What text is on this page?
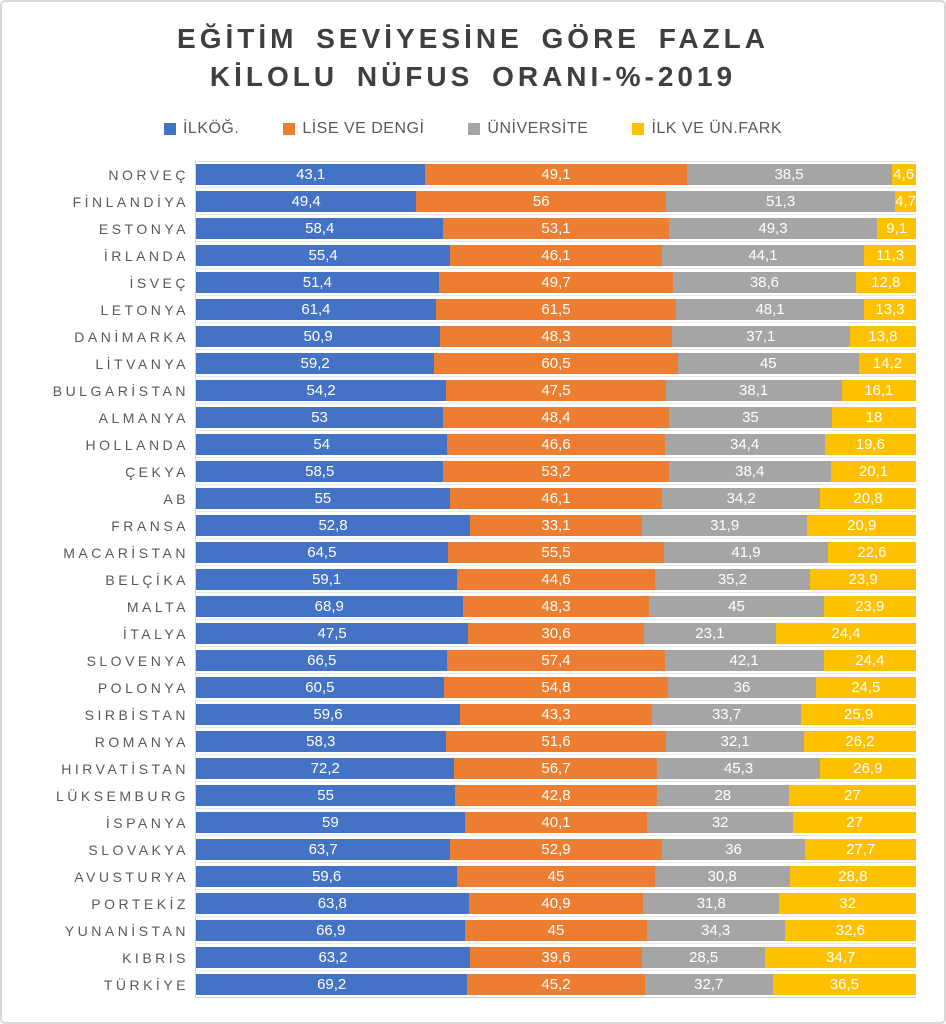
EĞİTİM SEVİYESİNE GÖRE FAZLA
KİLOLU NÜFUS ORANI-%-2019
İLKÖĞ.	LİSE VE DENGİ	ÜNİVERSİTE	İLK VE ÜN.FARK
NORVEÇ	43,1	49,1	38,5	4,6
FİNLANDİYA	49,4	56	51,3	4,7
ESTONYA	58,4	53,1	49,3	9,1
İRLANDA	55,4	46,1	44,1	11,3
İSVEÇ	51,4	49,7	38,6	12,8
LETONYA	61,4	61,5	48,1	13,3
DANİMARKA	50,9	48,3	37,1	13,8
LİTVANYA	59,2	60,5	45	14,2
BULGARİSTAN	54,2	47,5	38,1	16,1
ALMANYA	53	48,4	35	18
HOLLANDA	54	46,6	34,4	19,6
ÇEKYA	58,5	53,2	38,4	20,1
AB	55	46,1	34,2	20,8
FRANSA	52,8	33,1	31,9	20,9
MACARİSTAN	64,5	55,5	41,9	22,6
BELÇİKA	59,1	44,6	35,2	23,9
MALTA	68,9	48,3	45	23,9
İTALYA	47,5	30,6	23,1	24,4
SLOVENYA	66,5	57,4	42,1	24,4
POLONYA	60,5	54,8	36	24,5
SIRBİSTAN	59,6	43,3	33,7	25,9
ROMANYA	58,3	51,6	32,1	26,2
HIRVATİSTAN	72,2	56,7	45,3	26,9
LÜKSEMBURG	55	42,8	28	27
İSPANYA	59	40,1	32	27
SLOVAKYA	63,7	52,9	36	27,7
AVUSTURYA	59,6	45	30,8	28,8
PORTEKİZ	63,8	40,9	31,8	32
YUNANİSTAN	66,9	45	34,3	32,6
KIBRIS	63,2	39,6	28,5	34,7
TÜRKİYE	69,2	45,2	32,7	36,5
